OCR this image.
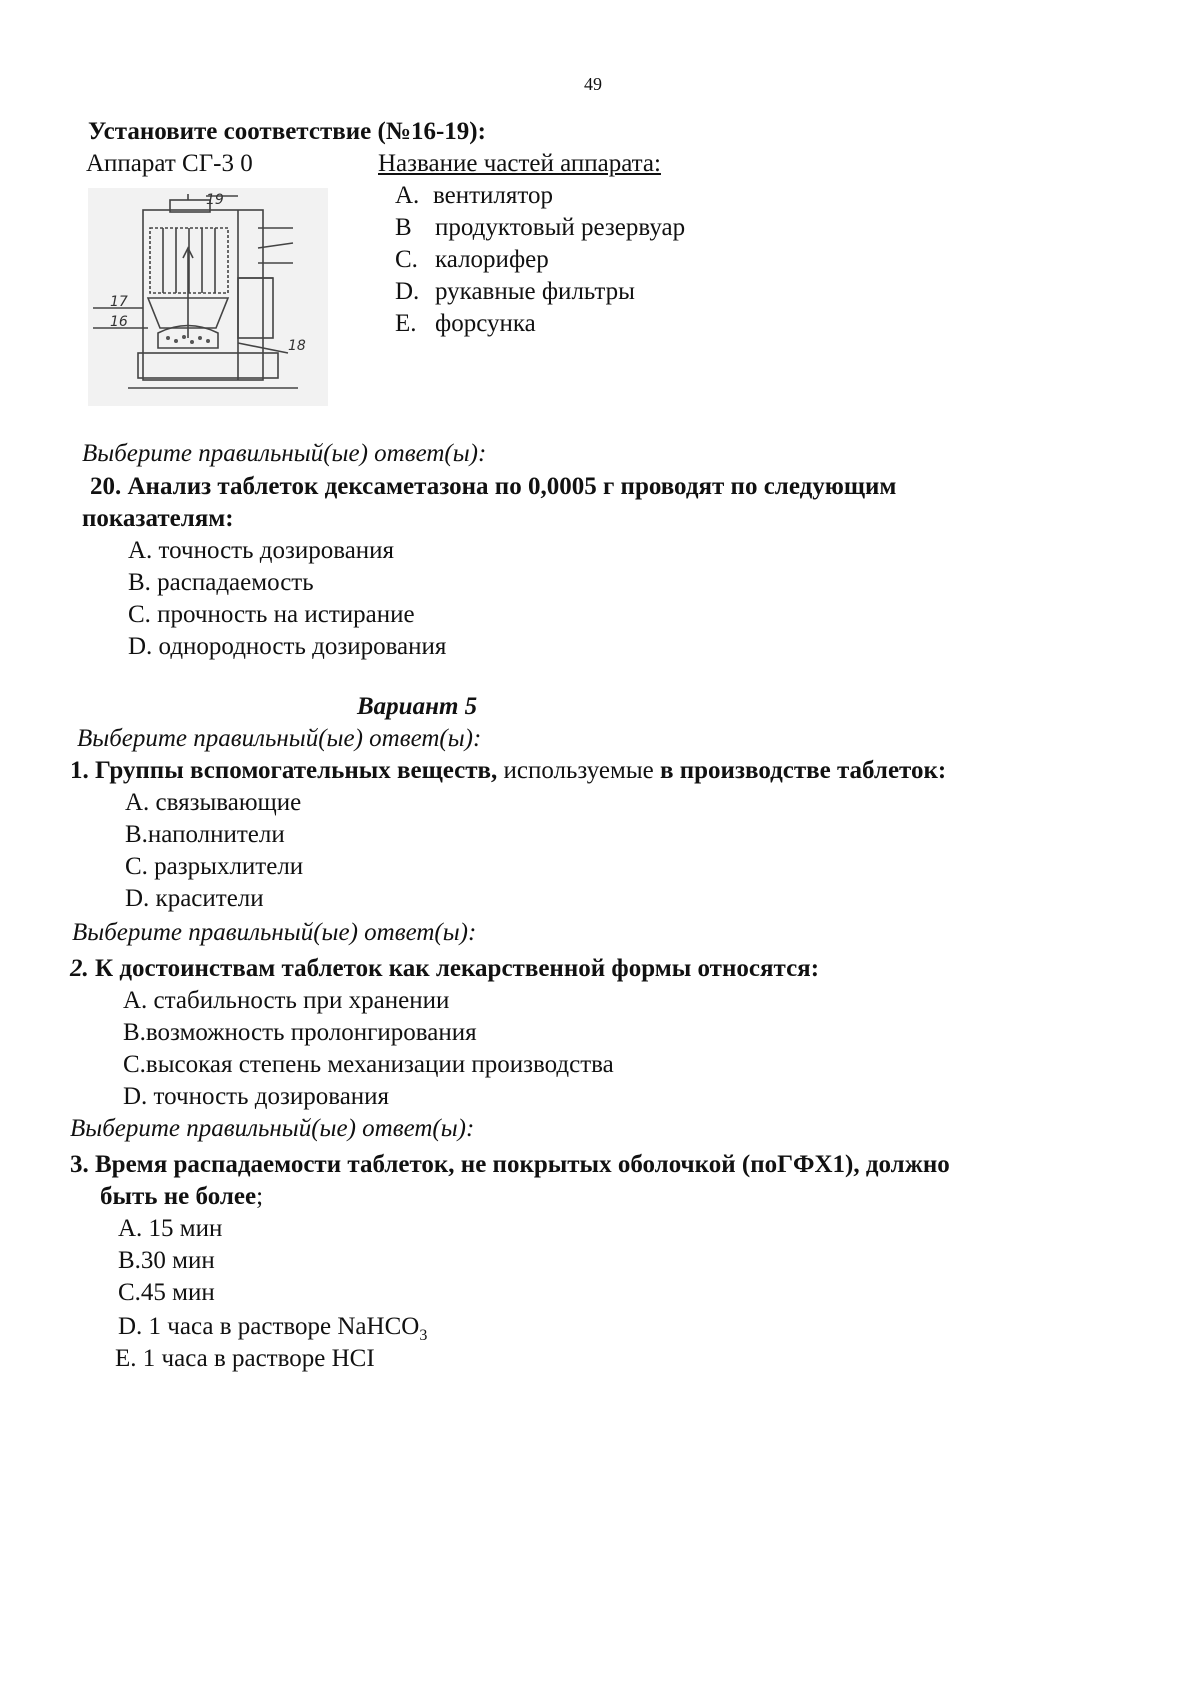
49
Установите соответствие (№16-19):
Аппарат СГ-3 0	Название частей аппарата:
A. вентилятор
B продуктовый резервуар
C. калорифер
D. рукавные фильтры
E. форсунка
19
17
16
18
Выберите правильный(ые) ответ(ы):
20. Анализ таблеток дексаметазона по 0,0005 г проводят по следующим
показателям:
A. точность дозирования
B. распадаемость
C. прочность на истирание
D. однородность дозирования
Вариант 5
Выберите правильный(ые) ответ(ы):
1. Группы вспомогательных веществ, используемые в производстве таблеток:
A. связывающие
B.наполнители
C. разрыхлители
D. красители
Выберите правильный(ые) ответ(ы):
2. К достоинствам таблеток как лекарственной формы относятся:
A. стабильность при хранении
B.возможность пролонгирования
C.высокая степень механизации производства
D. точность дозирования
Выберите правильный(ые) ответ(ы):
3. Время распадаемости таблеток, не покрытых оболочкой (поГФХ1), должно
быть не более;
A. 15 мин
B.30 мин
C.45 мин
D. 1 часа в растворе NaHCO$_3$
E. 1 часа в растворе HCI
